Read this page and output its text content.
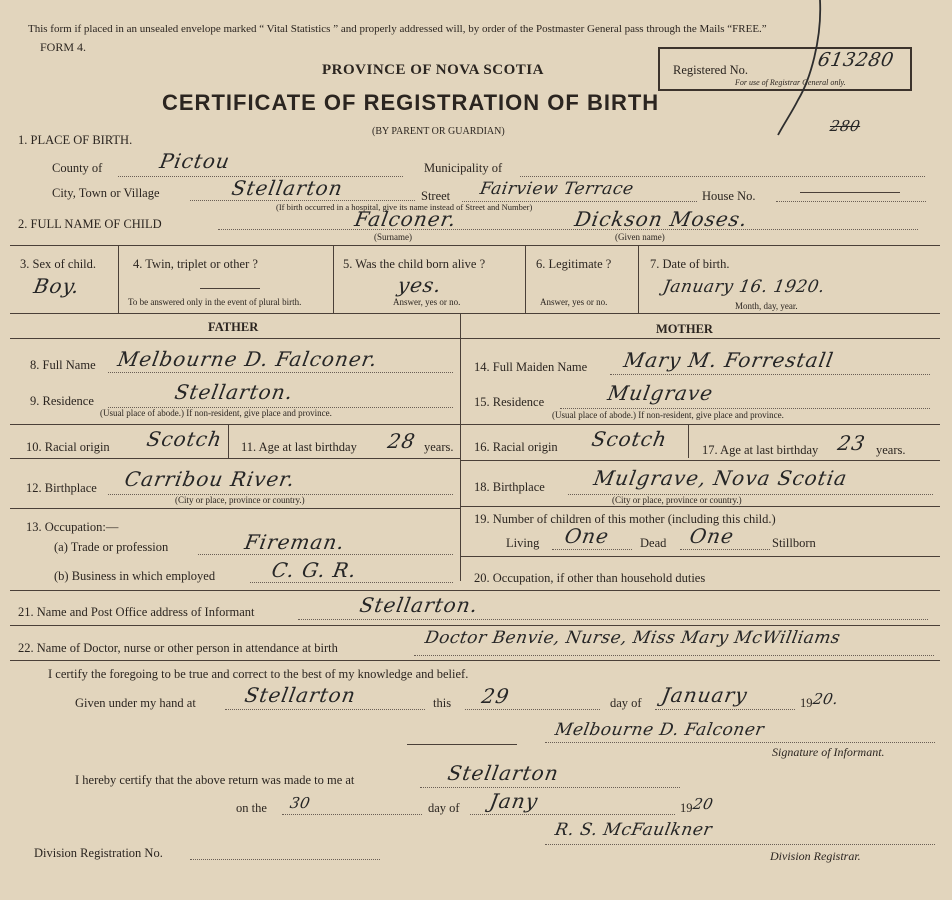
This form if placed in an unsealed envelope marked “ Vital Statistics ” and properly addressed will, by order of the Postmaster General pass through the Mails “FREE.”
FORM 4.
PROVINCE OF NOVA SCOTIA
CERTIFICATE OF REGISTRATION OF BIRTH
(BY PARENT OR GUARDIAN)
Registered No.	613280
For use of Registrar General only.
280
1. PLACE OF BIRTH.
County of	Pictou	Municipality of
City, Town or Village	Stellarton	Street Fairview Terrace	House No.
(If birth occurred in a hospital, give its name instead of Street and Number)
2. FULL NAME OF CHILD	Falconer.	Dickson Moses.
(Surname)	(Given name)
3. Sex of child.
Boy.
4. Twin, triplet or other ?
To be answered only in the event of plural birth.
5. Was the child born alive ?
yes.
Answer, yes or no.
6. Legitimate ?
Answer, yes or no.
7. Date of birth.
January 16. 1920.
Month, day, year.
FATHER	MOTHER
8. Full Name Melbourne D. Falconer.
9. Residence	Stellarton.
(Usual place of abode.) If non-resident, give place and province.
10. Racial origin Scotch 11. Age at last birthday 28 years.
12. Birthplace Carribou River.
(City or place, province or country.)
13. Occupation:—
(a) Trade or profession	Fireman.
(b) Business in which employed	C. G. R.
14. Full Maiden Name Mary M. Forrestall
15. Residence	Mulgrave
(Usual place of abode.) If non-resident, give place and province.
16. Racial origin Scotch	17. Age at last birthday 23 years.
18. Birthplace Mulgrave, Nova Scotia
(City or place, province or country.)
19. Number of children of this mother (including this child.)
Living One Dead One	Stillborn
20. Occupation, if other than household duties
21. Name and Post Office address of Informant	Stellarton.
22. Name of Doctor, nurse or other person in attendance at birth	Doctor Benvie, Nurse, Miss Mary McWilliams
I certify the foregoing to be true and correct to the best of my knowledge and belief.
Given under my hand at Stellarton	this 29	day of January	19 20.
Melbourne D. Falconer
Signature of Informant.
I hereby certify that the above return was made to me at	Stellarton
on the 30	day of Jany	19 20
R. S. McFaulkner
Division Registration No.	Division Registrar.
